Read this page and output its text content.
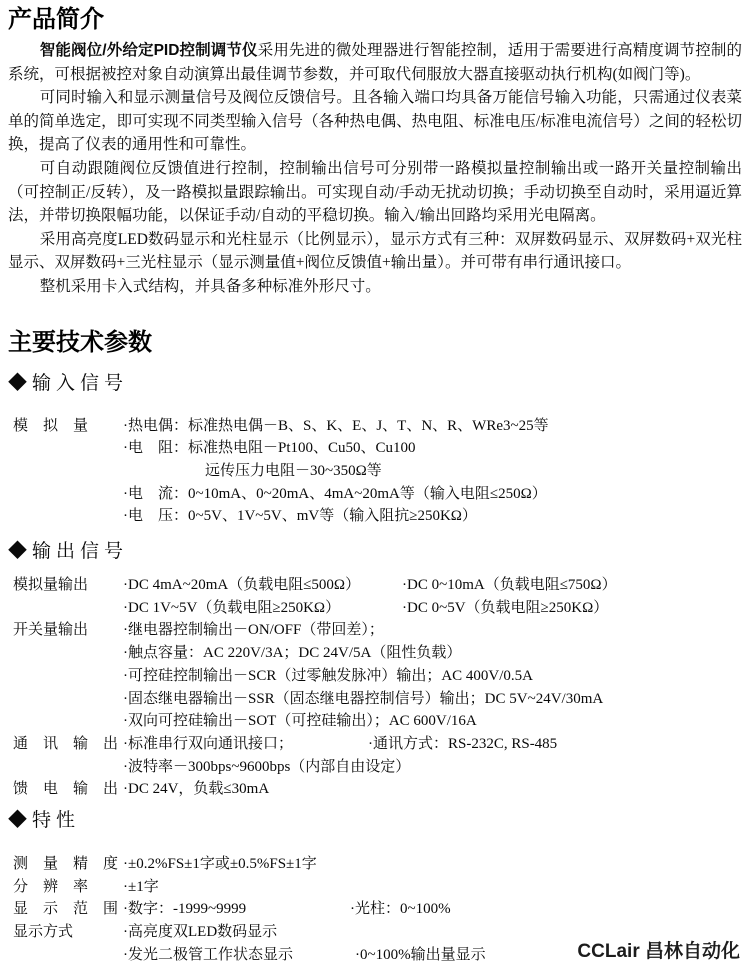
产品简介

智能阀位/外给定PID控制调节仪采用先进的微处理器进行智能控制，适用于需要进行高精度调节控制的系统，可根据被控对象自动演算出最佳调节参数，并可取代伺服放大器直接驱动执行机构(如阀门等)。

可同时输入和显示测量信号及阀位反馈信号。且各输入端口均具备万能信号输入功能，只需通过仪表菜单的简单选定，即可实现不同类型输入信号（各种热电偶、热电阻、标准电压/标准电流信号）之间的轻松切换，提高了仪表的通用性和可靠性。

可自动跟随阀位反馈值进行控制，控制输出信号可分别带一路模拟量控制输出或一路开关量控制输出（可控制正/反转），及一路模拟量跟踪输出。可实现自动/手动无扰动切换；手动切换至自动时，采用逼近算法，并带切换限幅功能，以保证手动/自动的平稳切换。输入/输出回路均采用光电隔离。

采用高亮度LED数码显示和光柱显示（比例显示），显示方式有三种：双屏数码显示、双屏数码+双光柱显示、双屏数码+三光柱显示（显示测量值+阀位反馈值+输出量）。并可带有串行通讯接口。

整机采用卡入式结构，并具备多种标准外形尺寸。

主要技术参数
◆输入信号
模　拟　量	·热电偶：标准热电偶－B、S、K、E、J、T、N、R、WRe3~25等
·电　阻：标准热电阻－Pt100、Cu50、Cu100
远传压力电阻－30~350Ω等
·电　流：0~10mA、0~20mA、4mA~20mA等（输入电阻≤250Ω）
·电　压：0~5V、1V~5V、mV等（输入阻抗≥250KΩ）
◆输出信号
模拟量输出	·DC 4mA~20mA（负载电阻≤500Ω）	·DC 0~10mA（负载电阻≤750Ω）
·DC 1V~5V（负载电阻≥250KΩ）	·DC 0~5V（负载电阻≥250KΩ）
开关量输出	·继电器控制输出－ON/OFF（带回差）；
·触点容量：AC 220V/3A；DC 24V/5A（阻性负载）
·可控硅控制输出－SCR（过零触发脉冲）输出；AC 400V/0.5A
·固态继电器输出－SSR（固态继电器控制信号）输出；DC 5V~24V/30mA
·双向可控硅输出－SOT（可控硅输出）；AC 600V/16A
通　讯　输　出 ·标准串行双向通讯接口；	·通讯方式：RS-232C, RS-485
·波特率－300bps~9600bps（内部自由设定）
馈　电　输　出 ·DC 24V，负载≤30mA
◆特性
测　量　精　度 ·±0.2%FS±1字或±0.5%FS±1字
分　辨　率	·±1字
显　示　范　围 ·数字：-1999~9999	·光柱：0~100%
显示方式	·高亮度双LED数码显示
·发光二极管工作状态显示	·0~100%输出量显示	CCLair 昌林自动化
